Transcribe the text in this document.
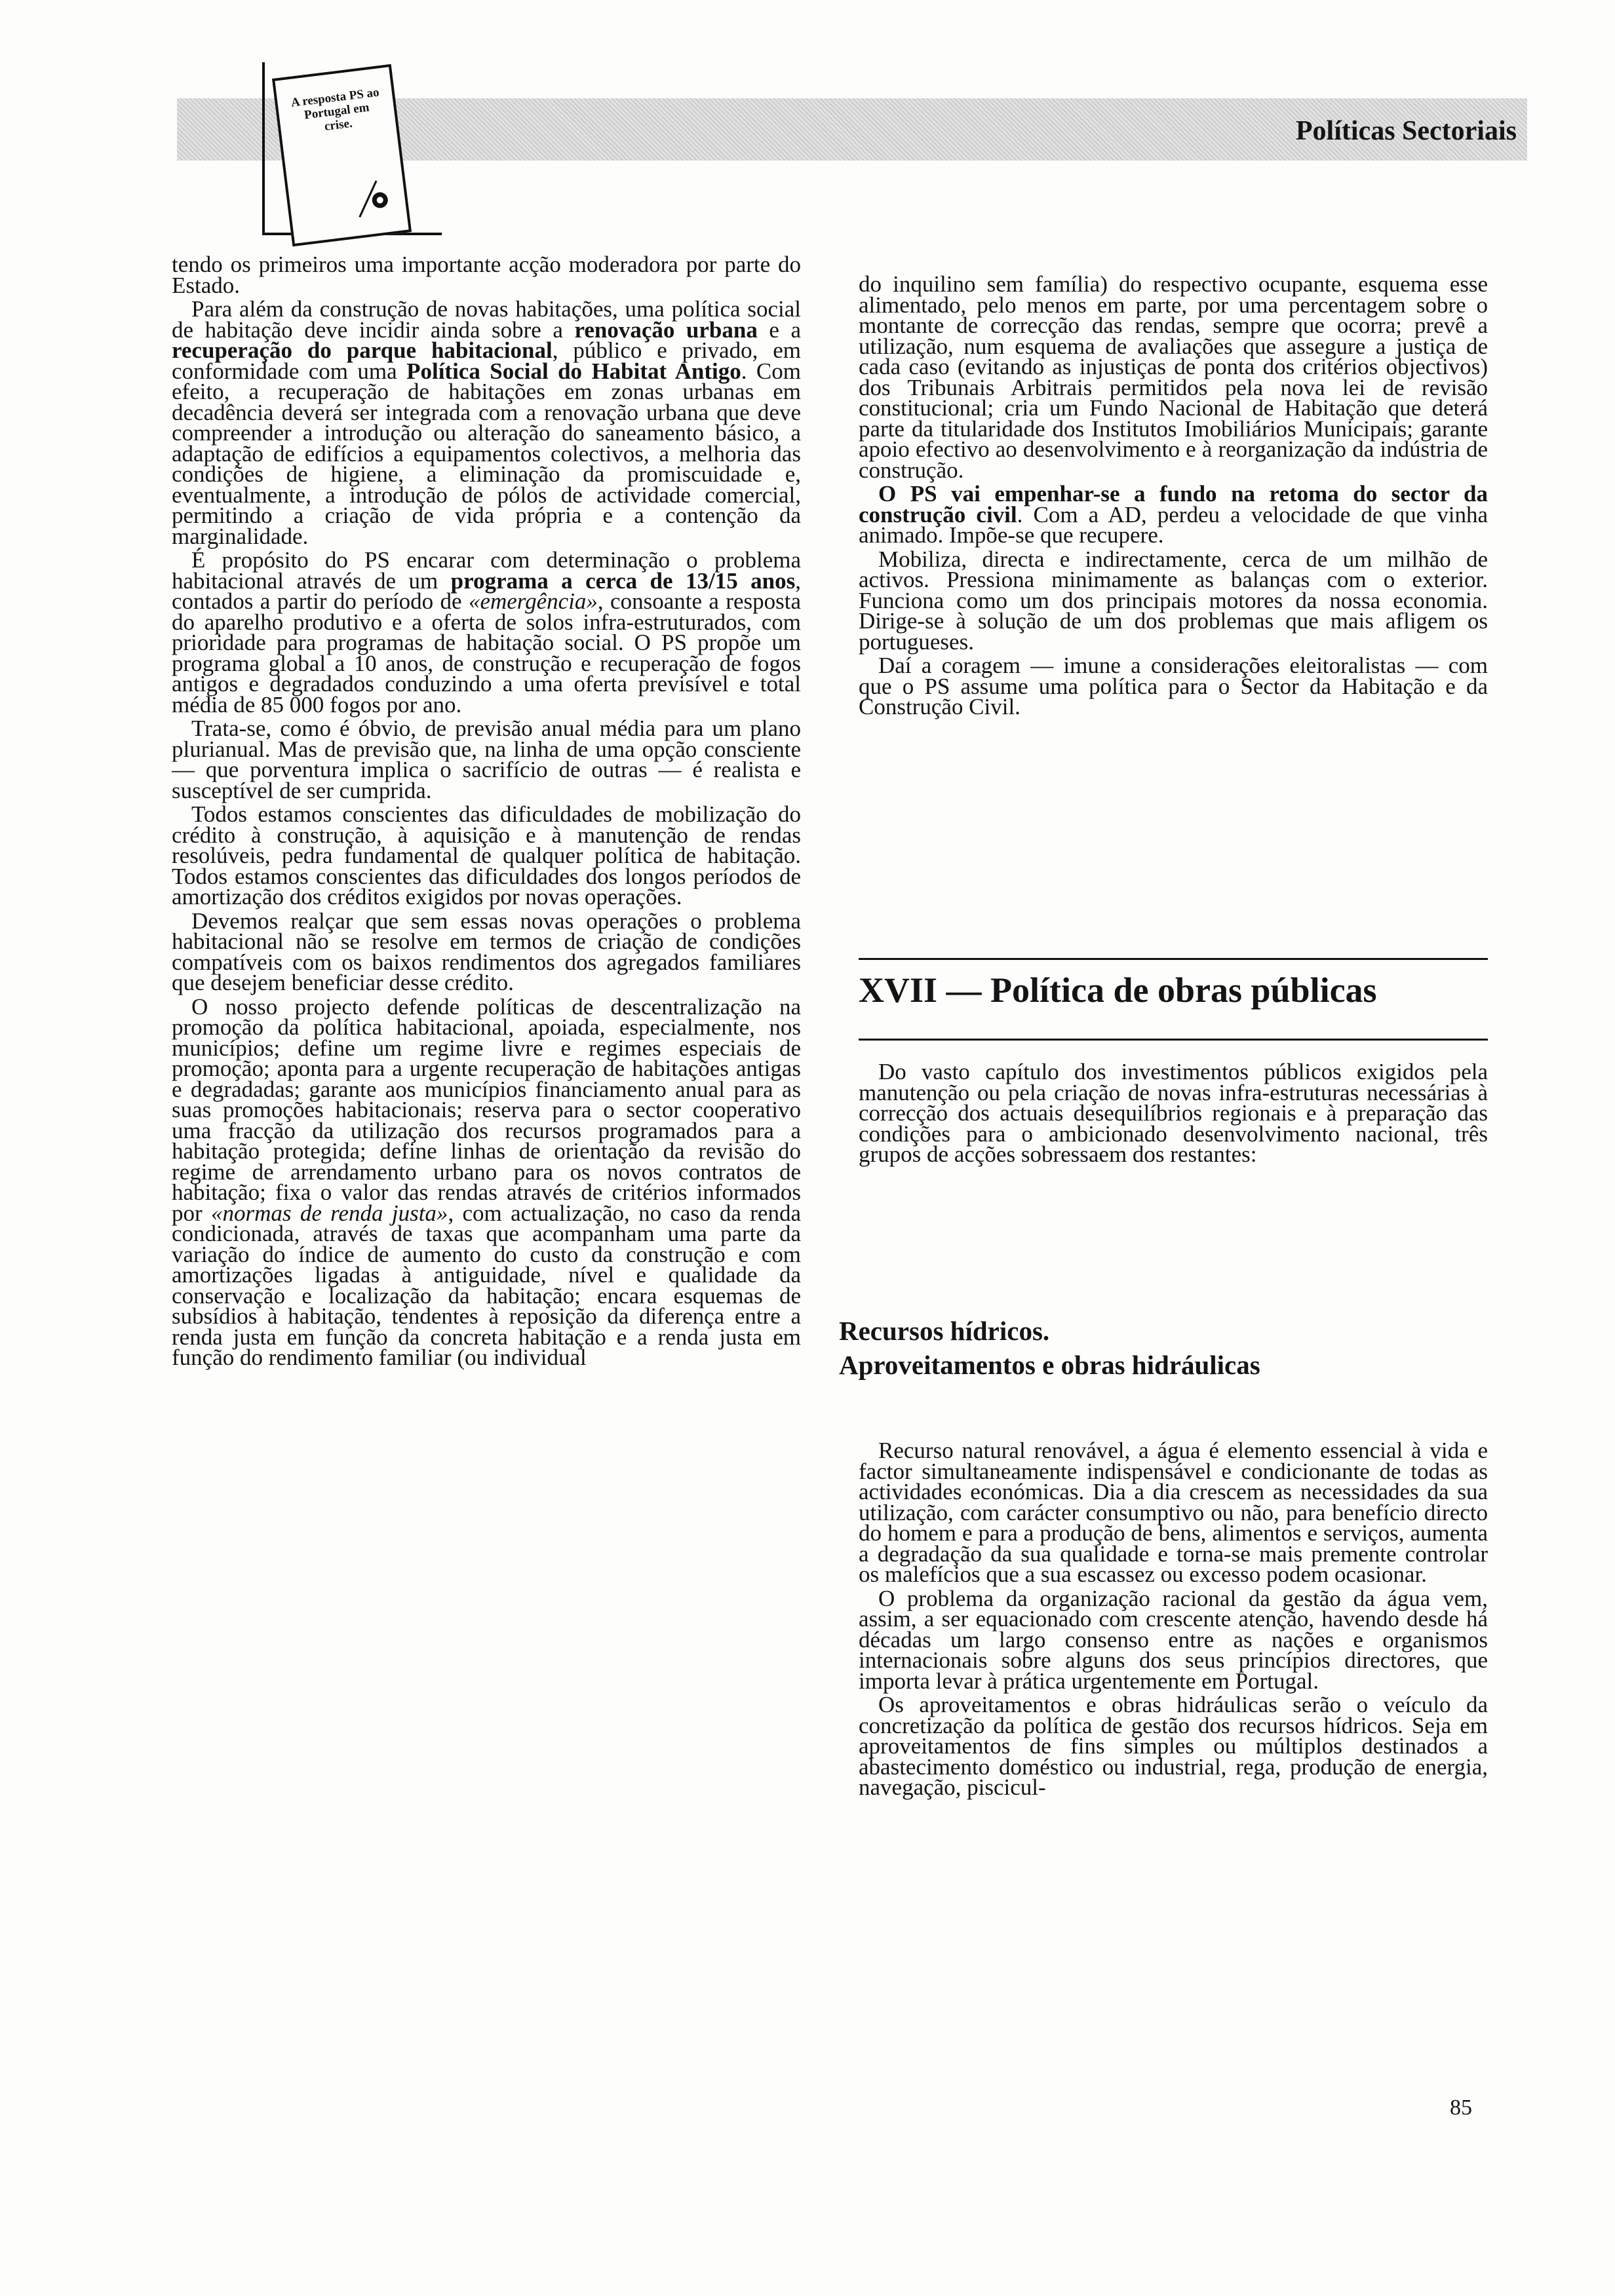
A resposta PS ao Portugal em crise.	Políticas Sectoriais

tendo os primeiros uma importante acção moderadora por parte do Estado.

Para além da construção de novas habitações, uma política social de habitação deve incidir ainda sobre a renovação urbana e a recuperação do parque habitacional, público e privado, em conformidade com uma Política Social do Habitat Antigo. Com efeito, a recuperação de habitações em zonas urbanas em decadência deverá ser integrada com a renovação urbana que deve compreender a introdução ou alteração do saneamento básico, a adaptação de edifícios a equipamentos colectivos, a melhoria das condições de higiene, a eliminação da promiscuidade e, eventualmente, a introdução de pólos de actividade comercial, permitindo a criação de vida própria e a contenção da marginalidade.

É propósito do PS encarar com determinação o problema habitacional através de um programa a cerca de 13/15 anos, contados a partir do período de «emergência», consoante a resposta do aparelho produtivo e a oferta de solos infra-estruturados, com prioridade para programas de habitação social. O PS propõe um programa global a 10 anos, de construção e recuperação de fogos antigos e degradados conduzindo a uma oferta previsível e total média de 85 000 fogos por ano.

Trata-se, como é óbvio, de previsão anual média para um plano plurianual. Mas de previsão que, na linha de uma opção consciente — que porventura implica o sacrifício de outras — é realista e susceptível de ser cumprida.

Todos estamos conscientes das dificuldades de mobilização do crédito à construção, à aquisição e à manutenção de rendas resolúveis, pedra fundamental de qualquer política de habitação. Todos estamos conscientes das dificuldades dos longos períodos de amortização dos créditos exigidos por novas operações.

Devemos realçar que sem essas novas operações o problema habitacional não se resolve em termos de criação de condições compatíveis com os baixos rendimentos dos agregados familiares que desejem beneficiar desse crédito.

O nosso projecto defende políticas de descentralização na promoção da política habitacional, apoiada, especialmente, nos municípios; define um regime livre e regimes especiais de promoção; aponta para a urgente recuperação de habitações antigas e degradadas; garante aos municípios financiamento anual para as suas promoções habitacionais; reserva para o sector cooperativo uma fracção da utilização dos recursos programados para a habitação protegida; define linhas de orientação da revisão do regime de arrendamento urbano para os novos contratos de habitação; fixa o valor das rendas através de critérios informados por «normas de renda justa», com actualização, no caso da renda condicionada, através de taxas que acompanham uma parte da variação do índice de aumento do custo da construção e com amortizações ligadas à antiguidade, nível e qualidade da conservação e localização da habitação; encara esquemas de subsídios à habitação, tendentes à reposição da diferença entre a renda justa em função da concreta habitação e a renda justa em função do rendimento familiar (ou individual

do inquilino sem família) do respectivo ocupante, esquema esse alimentado, pelo menos em parte, por uma percentagem sobre o montante de correcção das rendas, sempre que ocorra; prevê a utilização, num esquema de avaliações que assegure a justiça de cada caso (evitando as injustiças de ponta dos critérios objectivos) dos Tribunais Arbitrais permitidos pela nova lei de revisão constitucional; cria um Fundo Nacional de Habitação que deterá parte da titularidade dos Institutos Imobiliários Municipais; garante apoio efectivo ao desenvolvimento e à reorganização da indústria de construção.

O PS vai empenhar-se a fundo na retoma do sector da construção civil. Com a AD, perdeu a velocidade de que vinha animado. Impõe-se que recupere.

Mobiliza, directa e indirectamente, cerca de um milhão de activos. Pressiona minimamente as balanças com o exterior. Funciona como um dos principais motores da nossa economia. Dirige-se à solução de um dos problemas que mais afligem os portugueses.

Daí a coragem — imune a considerações eleitoralistas — com que o PS assume uma política para o Sector da Habitação e da Construção Civil.

XVII — Política de obras públicas

Do vasto capítulo dos investimentos públicos exigidos pela manutenção ou pela criação de novas infra-estruturas necessárias à correcção dos actuais desequilíbrios regionais e à preparação das condições para o ambicionado desenvolvimento nacional, três grupos de acções sobressaem dos restantes:

Recursos hídricos.
Aproveitamentos e obras hidráulicas

Recurso natural renovável, a água é elemento essencial à vida e factor simultaneamente indispensável e condicionante de todas as actividades económicas. Dia a dia crescem as necessidades da sua utilização, com carácter consumptivo ou não, para benefício directo do homem e para a produção de bens, alimentos e serviços, aumenta a degradação da sua qualidade e torna-se mais premente controlar os malefícios que a sua escassez ou excesso podem ocasionar.

O problema da organização racional da gestão da água vem, assim, a ser equacionado com crescente atenção, havendo desde há décadas um largo consenso entre as nações e organismos internacionais sobre alguns dos seus princípios directores, que importa levar à prática urgentemente em Portugal.

Os aproveitamentos e obras hidráulicas serão o veículo da concretização da política de gestão dos recursos hídricos. Seja em aproveitamentos de fins simples ou múltiplos destinados a abastecimento doméstico ou industrial, rega, produção de energia, navegação, piscicul-

85
